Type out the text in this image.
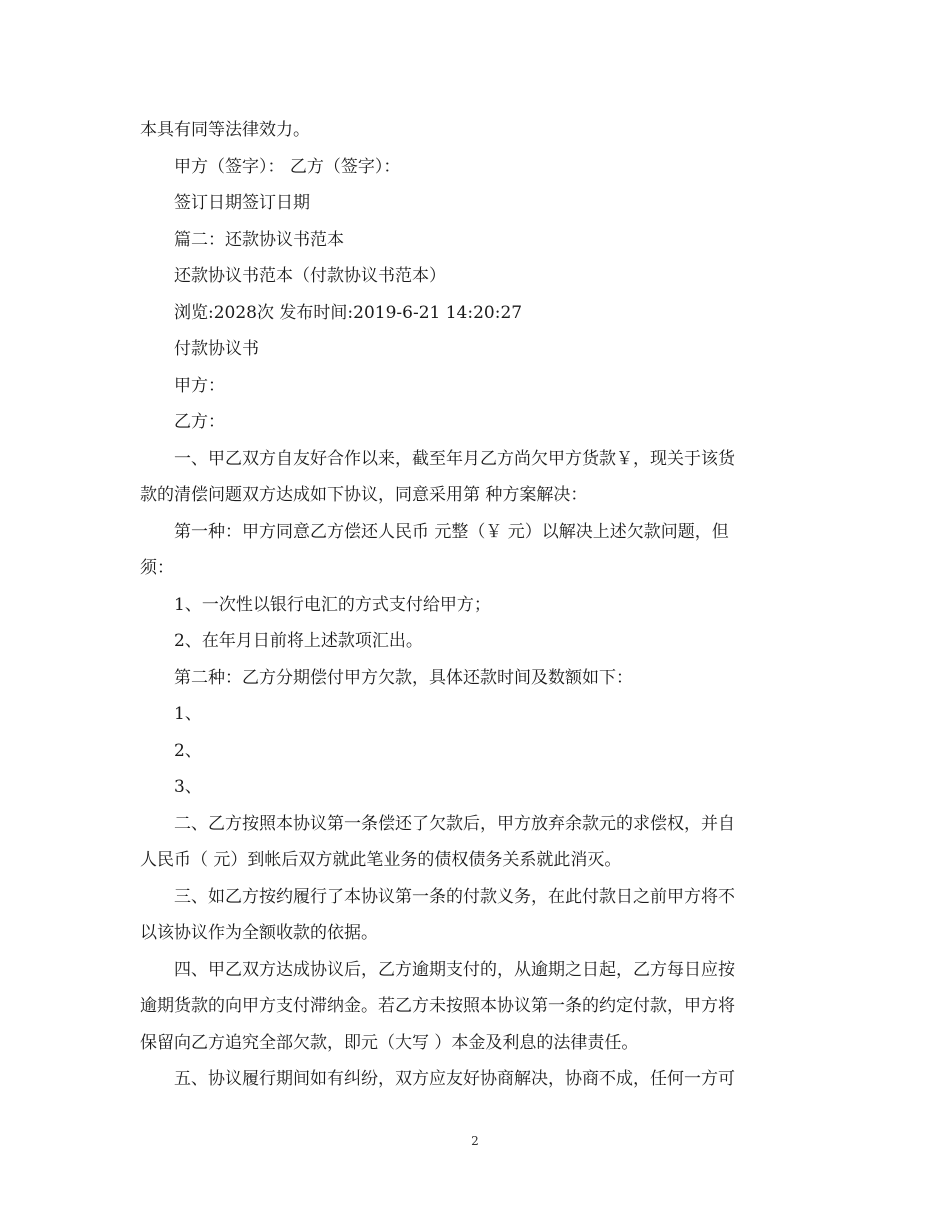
本具有同等法律效力。
甲方（签字）： 乙方（签字）：
签订日期签订日期
篇二：还款协议书范本
还款协议书范本（付款协议书范本）
浏览:2028次 发布时间:2019-6-21 14:20:27
付款协议书
甲方：
乙方：
一、甲乙双方自友好合作以来，截至年月乙方尚欠甲方货款￥，现关于该货
款的清偿问题双方达成如下协议，同意采用第 种方案解决：
第一种：甲方同意乙方偿还人民币 元整（￥ 元）以解决上述欠款问题，但
须：
1、一次性以银行电汇的方式支付给甲方；
2、在年月日前将上述款项汇出。
第二种：乙方分期偿付甲方欠款，具体还款时间及数额如下：
1、
2、
3、
二、乙方按照本协议第一条偿还了欠款后，甲方放弃余款元的求偿权，并自
人民币（ 元）到帐后双方就此笔业务的债权债务关系就此消灭。
三、如乙方按约履行了本协议第一条的付款义务，在此付款日之前甲方将不
以该协议作为全额收款的依据。
四、甲乙双方达成协议后，乙方逾期支付的，从逾期之日起，乙方每日应按
逾期货款的向甲方支付滞纳金。若乙方未按照本协议第一条的约定付款，甲方将
保留向乙方追究全部欠款，即元（大写 ）本金及利息的法律责任。
五、协议履行期间如有纠纷，双方应友好协商解决，协商不成，任何一方可
2
